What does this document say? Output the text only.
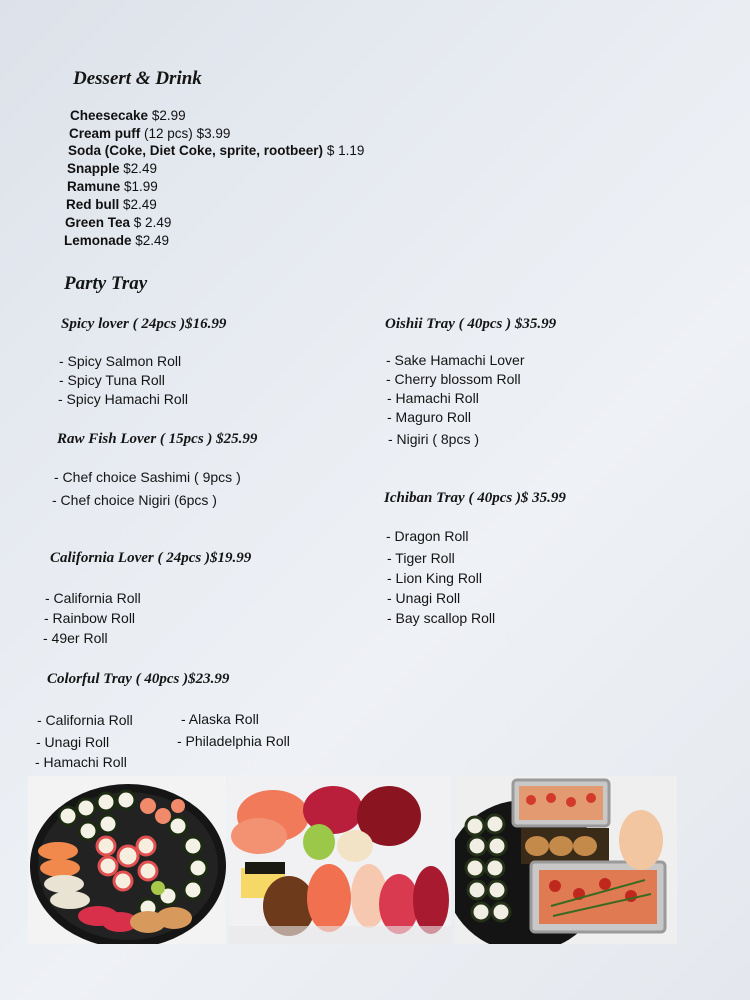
Dessert & Drink
Cheesecake $2.99
Cream puff (12 pcs) $3.99
Soda (Coke, Diet Coke, sprite, rootbeer) $ 1.19
Snapple $2.49
Ramune $1.99
Red bull $2.49
Green Tea $ 2.49
Lemonade $2.49
Party Tray
Spicy lover ( 24pcs )$16.99
- Spicy Salmon Roll
- Spicy Tuna Roll
- Spicy Hamachi Roll
Raw Fish Lover ( 15pcs ) $25.99
- Chef choice Sashimi ( 9pcs )
- Chef choice Nigiri (6pcs )
California Lover ( 24pcs )$19.99
- California Roll
- Rainbow Roll
- 49er Roll
Colorful Tray ( 40pcs )$23.99
- California Roll
- Unagi Roll
- Hamachi Roll
- Alaska Roll
- Philadelphia Roll
Oishii Tray ( 40pcs ) $35.99
- Sake Hamachi Lover
- Cherry blossom Roll
- Hamachi Roll
- Maguro Roll
- Nigiri ( 8pcs )
Ichiban Tray ( 40pcs )$ 35.99
- Dragon Roll
- Tiger Roll
- Lion King Roll
- Unagi Roll
- Bay scallop Roll
